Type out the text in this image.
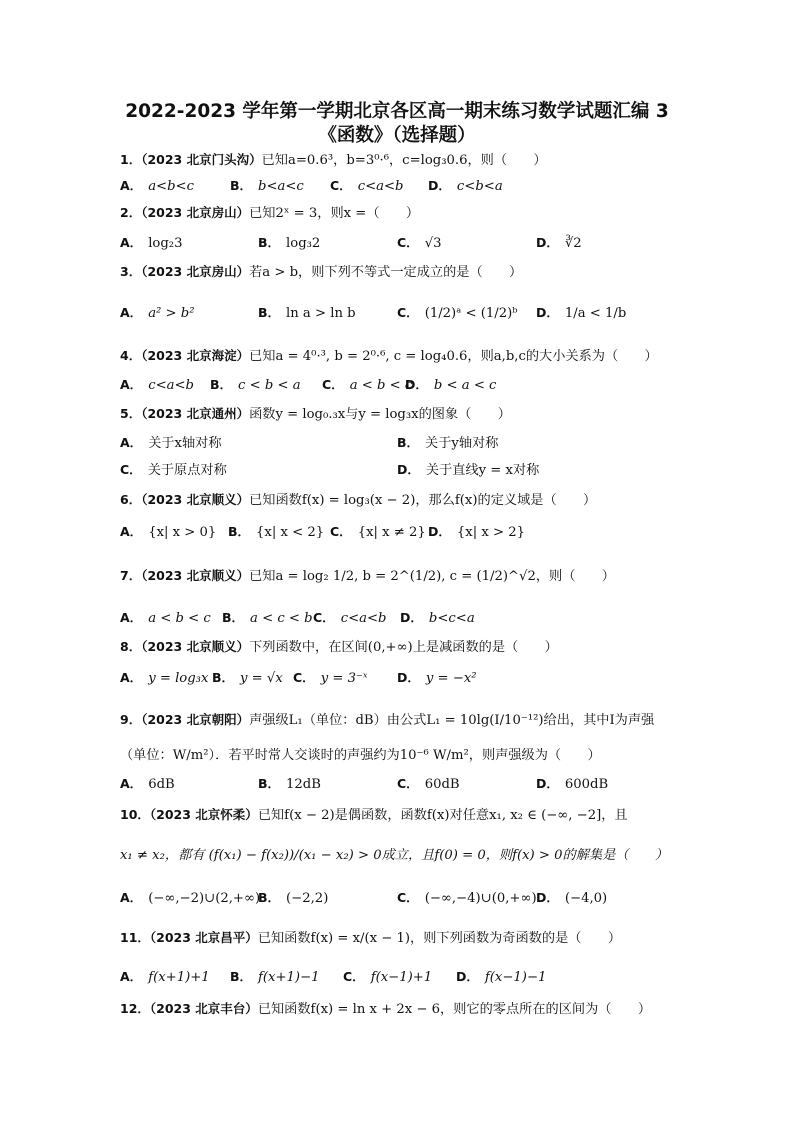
2022-2023 学年第一学期北京各区高一期末练习数学试题汇编 3
《函数》（选择题）
1．（2023 北京门头沟）已知a=0.6³，b=3⁰·⁶，c=log₃0.6，则（　　）
A． a<b<c	B． b<a<c C． c<a<b D． c<b<a
2．（2023 北京房山）已知2ˣ = 3，则x =（　　）
A． log₂3	B． log₃2	C． √3	D． ∛2
3．（2023 北京房山）若a > b，则下列不等式一定成立的是（　　）
A． a² > b²	B． ln a > ln b	C． (1/2)ᵃ < (1/2)ᵇ D． 1/a < 1/b
4．（2023 北京海淀）已知a = 4⁰·³, b = 2⁰·⁶, c = log₄0.6，则a,b,c的大小关系为（　　）
A． c<a<b B． c < b < a C． a < b < c
D． b < a < c
5．（2023 北京通州）函数y = log₀.₃x与y = log₃x的图象（　　）
A． 关于x轴对称	B． 关于y轴对称
C． 关于原点对称	D． 关于直线y = x对称
6．（2023 北京顺义）已知函数f(x) = log₃(x − 2)，那么f(x)的定义域是（　　）
A． {x| x > 0} B． {x| x < 2} C． {x| x ≠ 2} D． {x| x > 2}
7．（2023 北京顺义）已知a = log₂ 1/2, b = 2^(1/2), c = (1/2)^√2，则（　　）
A． a < b < c B． a < c < b C． c<a<b D． b<c<a
8．（2023 北京顺义）下列函数中，在区间(0,+∞)上是减函数的是（　　）
A． y = log₃x B． y = √x C． y = 3⁻ˣ D． y = −x²
9．（2023 北京朝阳）声强级L₁（单位：dB）由公式L₁ = 10lg(I/10⁻¹²)给出，其中I为声强
（单位：W/m²）．若平时常人交谈时的声强约为10⁻⁶ W/m²，则声强级为（　　）
A． 6dB	B． 12dB	C． 60dB	D． 600dB
10．（2023 北京怀柔）已知f(x − 2)是偶函数，函数f(x)对任意x₁, x₂ ∈ (−∞, −2]，且
x₁ ≠ x₂，都有 (f(x₁) − f(x₂))/(x₁ − x₂) > 0成立，且f(0) = 0，则f(x) > 0的解集是（　　）
A． (−∞,−2)∪(2,+∞)
B． (−2,2)	C． (−∞,−4)∪(0,+∞) D． (−4,0)
11．（2023 北京昌平）已知函数f(x) = x/(x − 1)，则下列函数为奇函数的是（　　）
A． f(x+1)+1 B． f(x+1)−1 C． f(x−1)+1 D． f(x−1)−1
12．（2023 北京丰台）已知函数f(x) = ln x + 2x − 6，则它的零点所在的区间为（　　）
